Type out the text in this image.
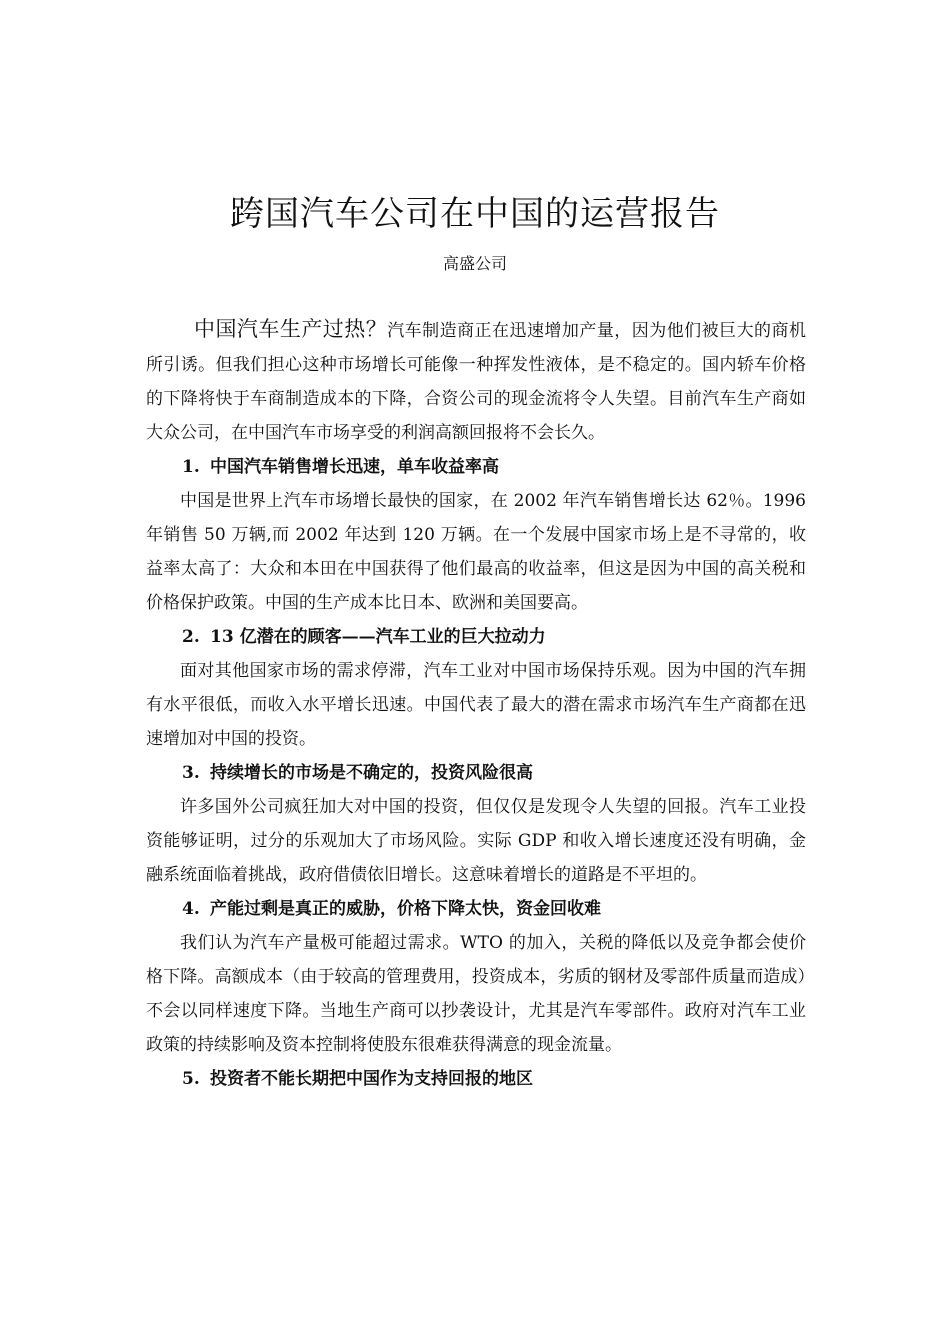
跨国汽车公司在中国的运营报告
高盛公司

中国汽车生产过热？汽车制造商正在迅速增加产量，因为他们被巨大的商机所引诱。但我们担心这种市场增长可能像一种挥发性液体，是不稳定的。国内轿车价格的下降将快于车商制造成本的下降，合资公司的现金流将令人失望。目前汽车生产商如大众公司，在中国汽车市场享受的利润高额回报将不会长久。

1. 中国汽车销售增长迅速，单车收益率高

中国是世界上汽车市场增长最快的国家，在 2002 年汽车销售增长达 62％。1996 年销售 50 万辆,而 2002 年达到 120 万辆。在一个发展中国家市场上是不寻常的，收益率太高了：大众和本田在中国获得了他们最高的收益率，但这是因为中国的高关税和价格保护政策。中国的生产成本比日本、欧洲和美国要高。

2. 13 亿潜在的顾客——汽车工业的巨大拉动力

面对其他国家市场的需求停滞，汽车工业对中国市场保持乐观。因为中国的汽车拥有水平很低，而收入水平增长迅速。中国代表了最大的潜在需求市场汽车生产商都在迅速增加对中国的投资。

3. 持续增长的市场是不确定的，投资风险很高

许多国外公司疯狂加大对中国的投资，但仅仅是发现令人失望的回报。汽车工业投资能够证明，过分的乐观加大了市场风险。实际 GDP 和收入增长速度还没有明确，金融系统面临着挑战，政府借债依旧增长。这意味着增长的道路是不平坦的。

4. 产能过剩是真正的威胁，价格下降太快，资金回收难

我们认为汽车产量极可能超过需求。WTO 的加入，关税的降低以及竞争都会使价格下降。高额成本（由于较高的管理费用，投资成本，劣质的钢材及零部件质量而造成）不会以同样速度下降。当地生产商可以抄袭设计，尤其是汽车零部件。政府对汽车工业政策的持续影响及资本控制将使股东很难获得满意的现金流量。

5. 投资者不能长期把中国作为支持回报的地区
